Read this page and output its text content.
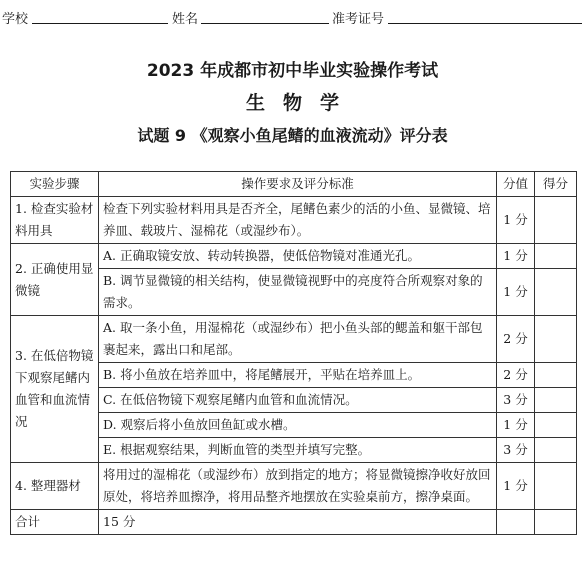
学校	姓名	准考证号
2023 年成都市初中毕业实验操作考试
生物学
试题 9 《观察小鱼尾鳍的血液流动》评分表
实验步骤	操作要求及评分标准	分值	得分
1. 检查实验材料用具	检查下列实验材料用具是否齐全，尾鳍色素少的活的小鱼、显微镜、培养皿、载玻片、湿棉花（或湿纱布）。	1 分	
2. 正确使用显微镜	A. 正确取镜安放、转动转换器，使低倍物镜对准通光孔。	1 分	
	B. 调节显微镜的相关结构，使显微镜视野中的亮度符合所观察对象的需求。	1 分	
3. 在低倍物镜下观察尾鳍内血管和血流情况	A. 取一条小鱼，用湿棉花（或湿纱布）把小鱼头部的鳃盖和躯干部包裹起来，露出口和尾部。	2 分	
	B. 将小鱼放在培养皿中，将尾鳍展开，平贴在培养皿上。	2 分	
	C. 在低倍物镜下观察尾鳍内血管和血流情况。	3 分	
	D. 观察后将小鱼放回鱼缸或水槽。	1 分	
	E. 根据观察结果，判断血管的类型并填写完整。	3 分	
4. 整理器材	将用过的湿棉花（或湿纱布）放到指定的地方；将显微镜擦净收好放回原处，将培养皿擦净，将用品整齐地摆放在实验桌前方，擦净桌面。	1 分	
合计	15 分		
